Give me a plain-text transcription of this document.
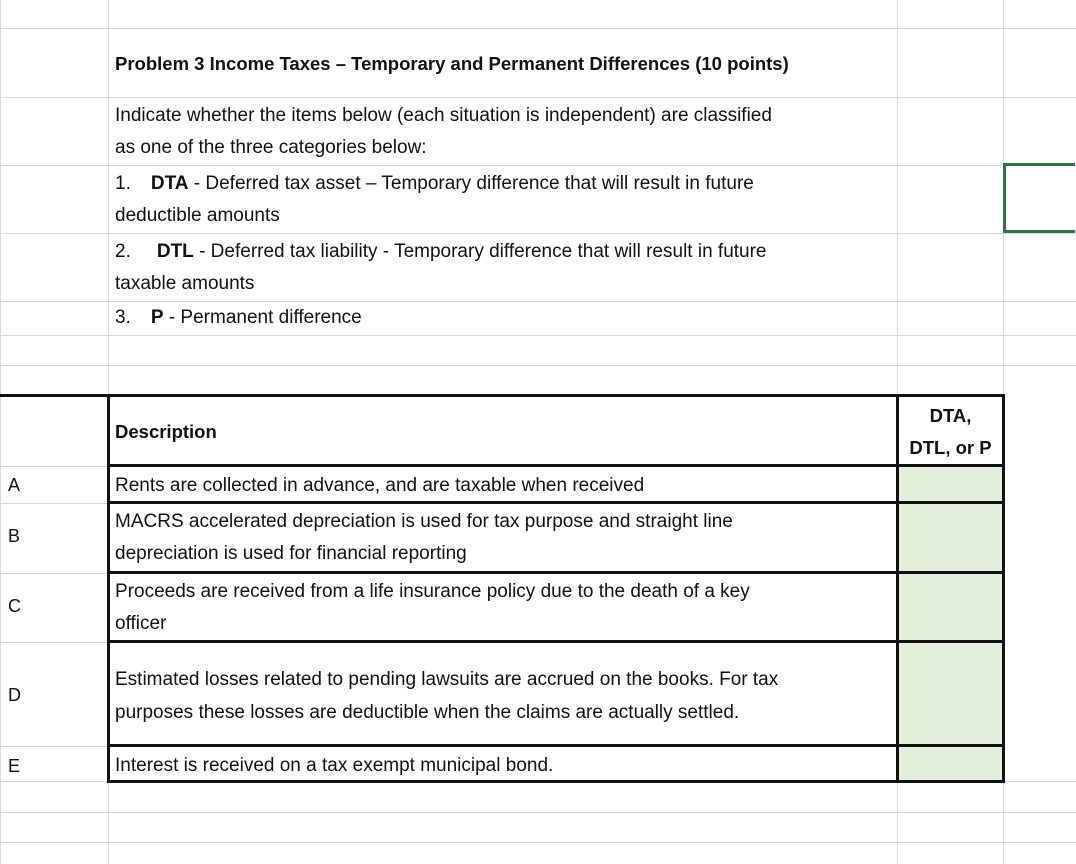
Problem 3 Income Taxes – Temporary and Permanent Differences (10 points)
Indicate whether the items below (each situation is independent) are classified
as one of the three categories below:
1. DTA - Deferred tax asset – Temporary difference that will result in future
deductible amounts
2. DTL - Deferred tax liability - Temporary difference that will result in future
taxable amounts
3. P - Permanent difference
Description
DTA,
DTL, or P
A
B
C
D
E
Rents are collected in advance, and are taxable when received
MACRS accelerated depreciation is used for tax purpose and straight line
depreciation is used for financial reporting
Proceeds are received from a life insurance policy due to the death of a key
officer
Estimated losses related to pending lawsuits are accrued on the books. For tax
purposes these losses are deductible when the claims are actually settled.
Interest is received on a tax exempt municipal bond.
